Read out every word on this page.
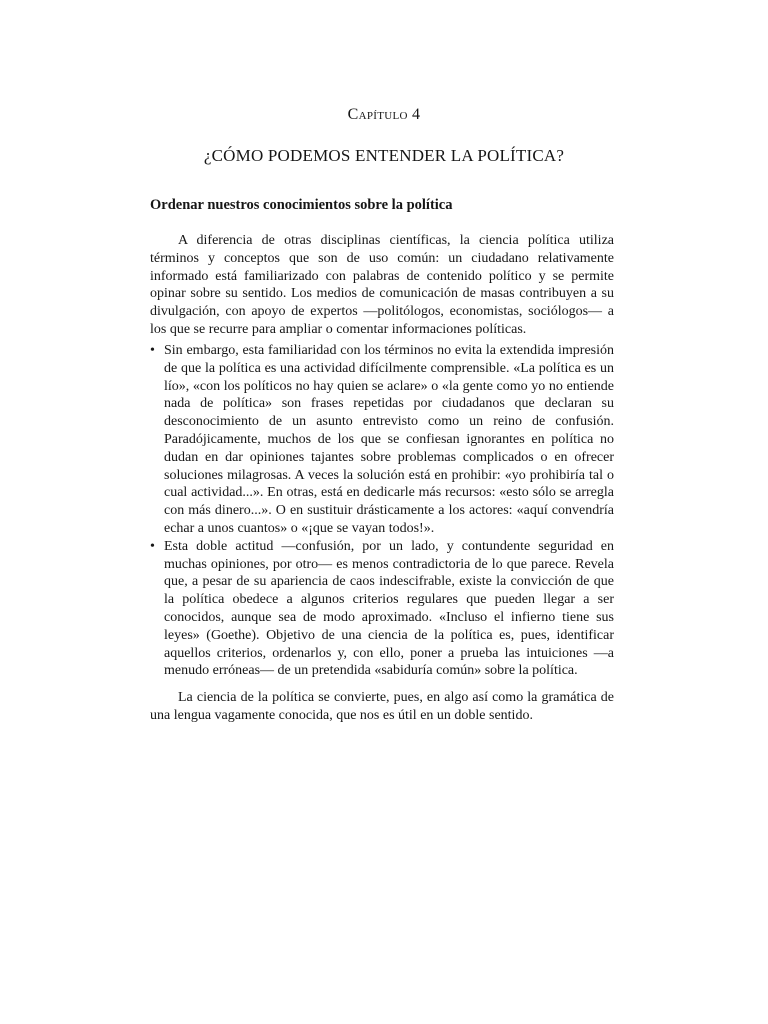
Capítulo 4
¿CÓMO PODEMOS ENTENDER LA POLÍTICA?
Ordenar nuestros conocimientos sobre la política

A diferencia de otras disciplinas científicas, la ciencia política utiliza términos y conceptos que son de uso común: un ciudadano relativamente informado está familiarizado con palabras de contenido político y se permite opinar sobre su sentido. Los medios de comunicación de masas contribuyen a su divulgación, con apoyo de expertos —politólogos, economistas, sociólogos— a los que se recurre para ampliar o comentar informaciones políticas.

• Sin embargo, esta familiaridad con los términos no evita la extendida impresión de que la política es una actividad difícilmente comprensible. «La política es un lío», «con los políticos no hay quien se aclare» o «la gente como yo no entiende nada de política» son frases repetidas por ciudadanos que declaran su desconocimiento de un asunto entrevisto como un reino de confusión. Paradójicamente, muchos de los que se confiesan ignorantes en política no dudan en dar opiniones tajantes sobre problemas complicados o en ofrecer soluciones milagrosas. A veces la solución está en prohibir: «yo prohibiría tal o cual actividad...». En otras, está en dedicarle más recursos: «esto sólo se arregla con más dinero...». O en sustituir drásticamente a los actores: «aquí convendría echar a unos cuantos» o «¡que se vayan todos!».
• Esta doble actitud —confusión, por un lado, y contundente seguridad en muchas opiniones, por otro— es menos contradictoria de lo que parece. Revela que, a pesar de su apariencia de caos indescifrable, existe la convicción de que la política obedece a algunos criterios regulares que pueden llegar a ser conocidos, aunque sea de modo aproximado. «Incluso el infierno tiene sus leyes» (Goethe). Objetivo de una ciencia de la política es, pues, identificar aquellos criterios, ordenarlos y, con ello, poner a prueba las intuiciones —a menudo erróneas— de un pretendida «sabiduría común» sobre la política.

La ciencia de la política se convierte, pues, en algo así como la gramática de una lengua vagamente conocida, que nos es útil en un doble sentido.
